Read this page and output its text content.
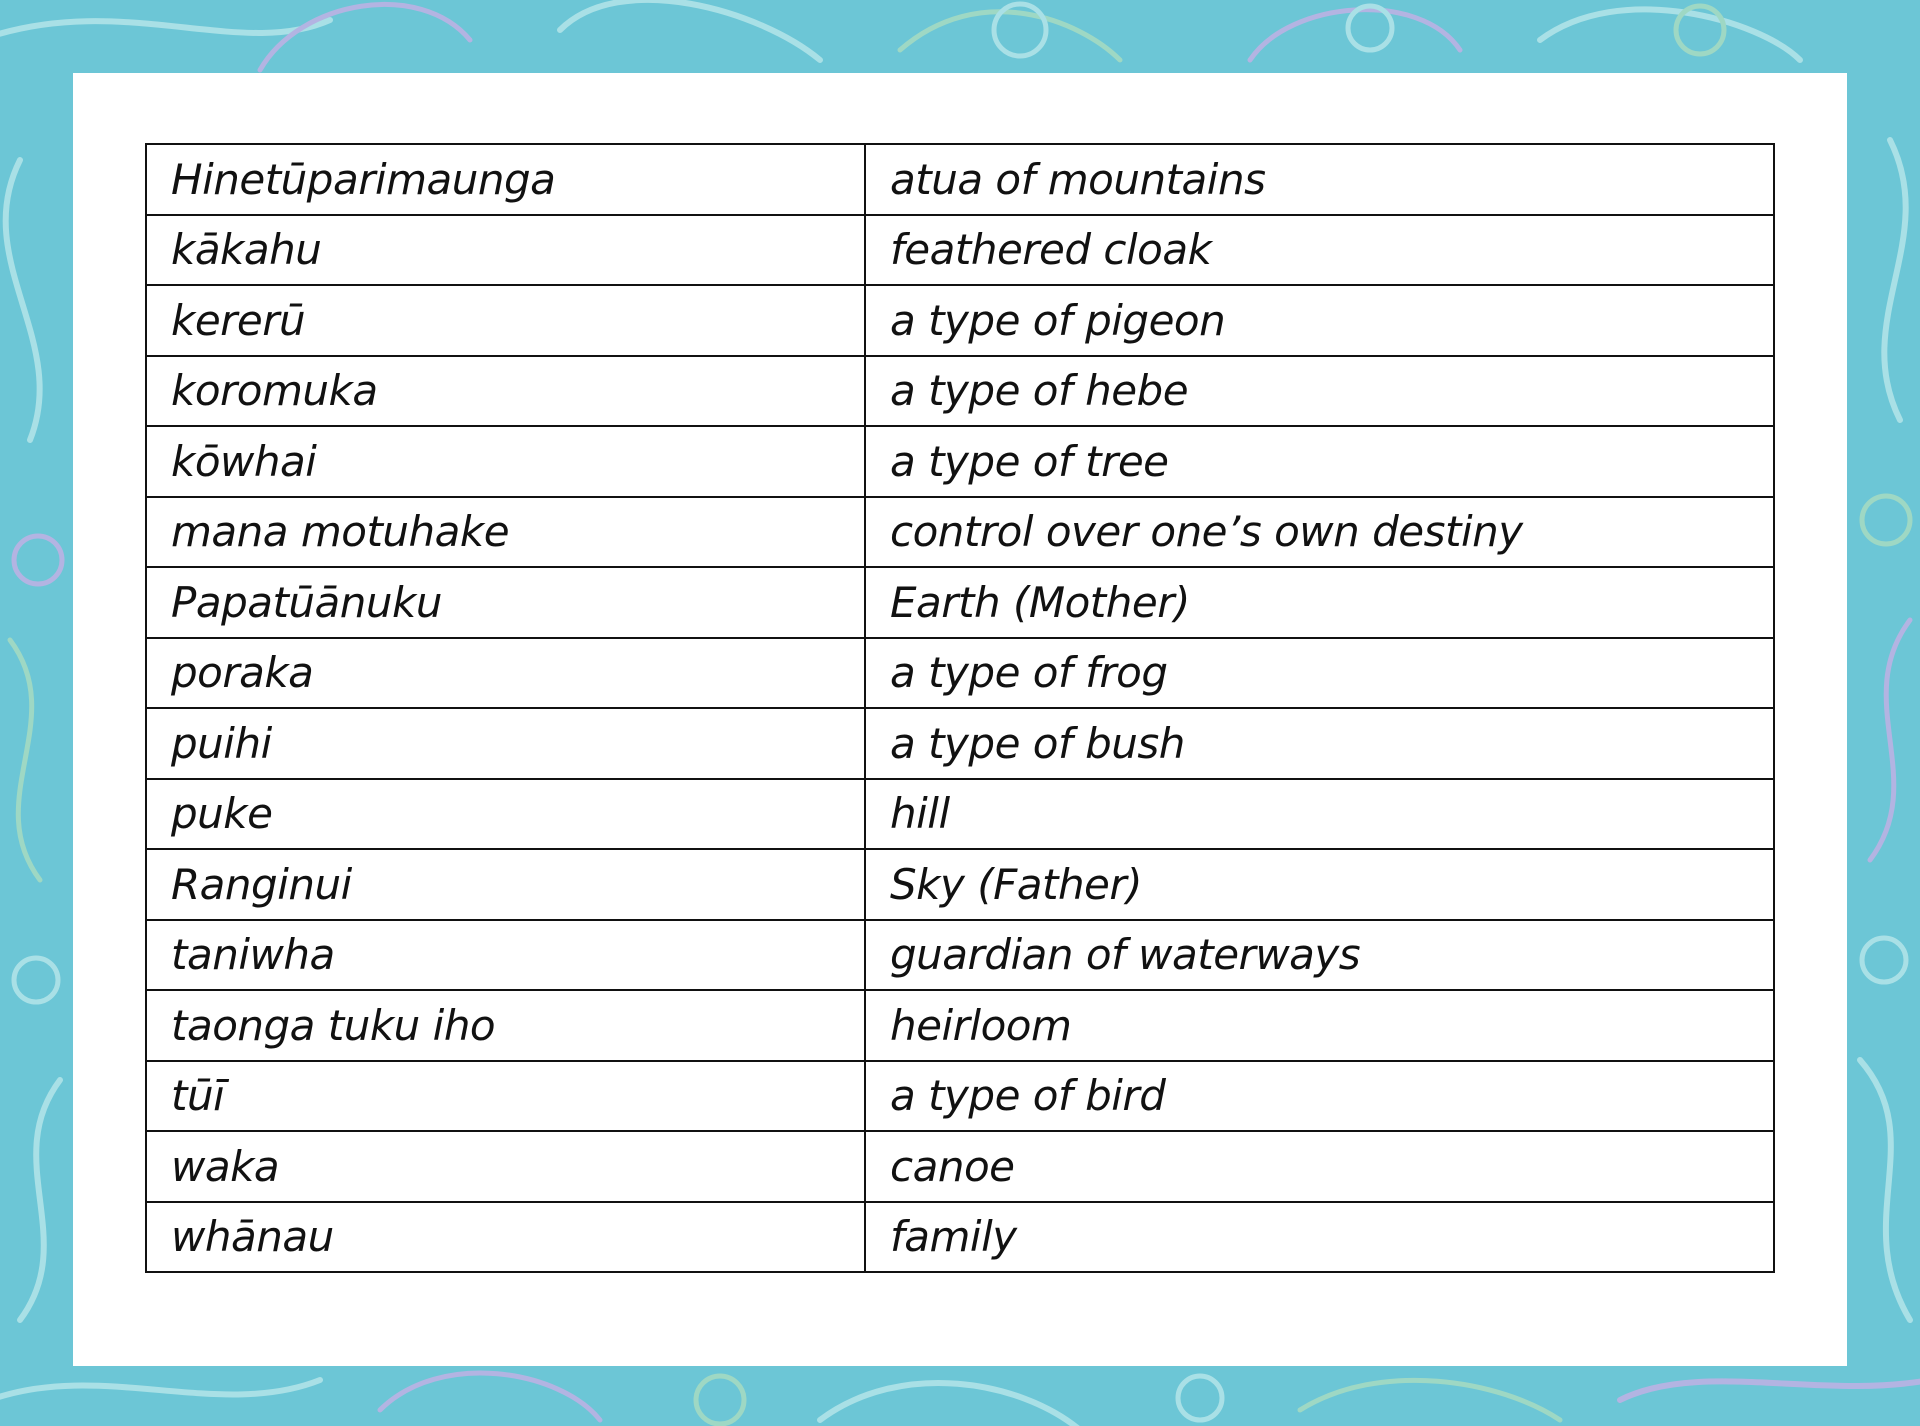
Hinetūparimaunga	atua of mountains
kākahu	feathered cloak
kererū	a type of pigeon
koromuka	a type of hebe
kōwhai	a type of tree
mana motuhake	control over one’s own destiny
Papatūānuku	Earth (Mother)
poraka	a type of frog
puihi	a type of bush
puke	hill
Ranginui	Sky (Father)
taniwha	guardian of waterways
taonga tuku iho	heirloom
tūī	a type of bird
waka	canoe
whānau	family
